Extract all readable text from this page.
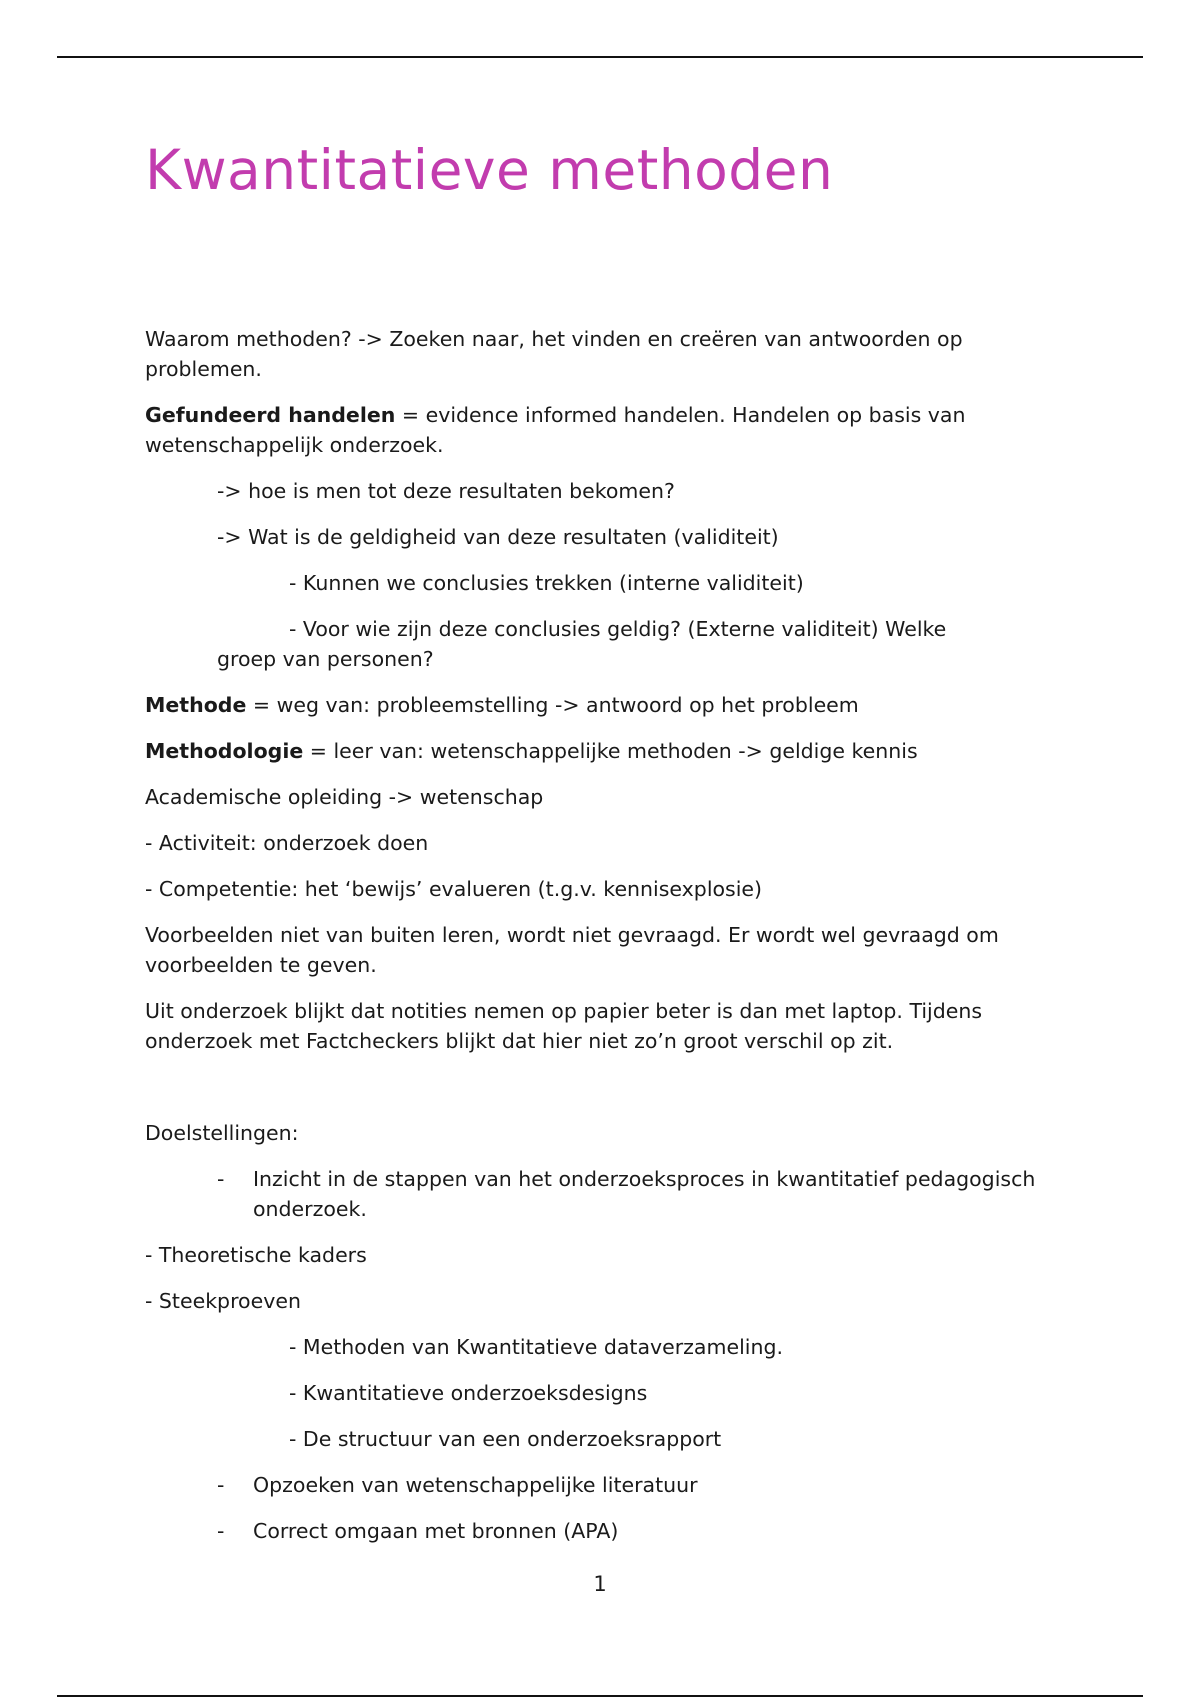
Kwantitatieve methoden

Waarom methoden? -> Zoeken naar, het vinden en creëren van antwoorden op problemen.

Gefundeerd handelen = evidence informed handelen. Handelen op basis van wetenschappelijk onderzoek.

-> hoe is men tot deze resultaten bekomen?

-> Wat is de geldigheid van deze resultaten (validiteit)

- Kunnen we conclusies trekken (interne validiteit)

- Voor wie zijn deze conclusies geldig? (Externe validiteit) Welke
groep van personen?

Methode = weg van: probleemstelling -> antwoord op het probleem

Methodologie = leer van: wetenschappelijke methoden -> geldige kennis

Academische opleiding -> wetenschap

- Activiteit: onderzoek doen

- Competentie: het ‘bewijs’ evalueren (t.g.v. kennisexplosie)

Voorbeelden niet van buiten leren, wordt niet gevraagd. Er wordt wel gevraagd om voorbeelden te geven.

Uit onderzoek blijkt dat notities nemen op papier beter is dan met laptop. Tijdens onderzoek met Factcheckers blijkt dat hier niet zo’n groot verschil op zit.

Doelstellingen:

- Inzicht in de stappen van het onderzoeksproces in kwantitatief pedagogisch onderzoek.

- Theoretische kaders

- Steekproeven

- Methoden van Kwantitatieve dataverzameling.

- Kwantitatieve onderzoeksdesigns

- De structuur van een onderzoeksrapport

- Opzoeken van wetenschappelijke literatuur
- Correct omgaan met bronnen (APA)
1
